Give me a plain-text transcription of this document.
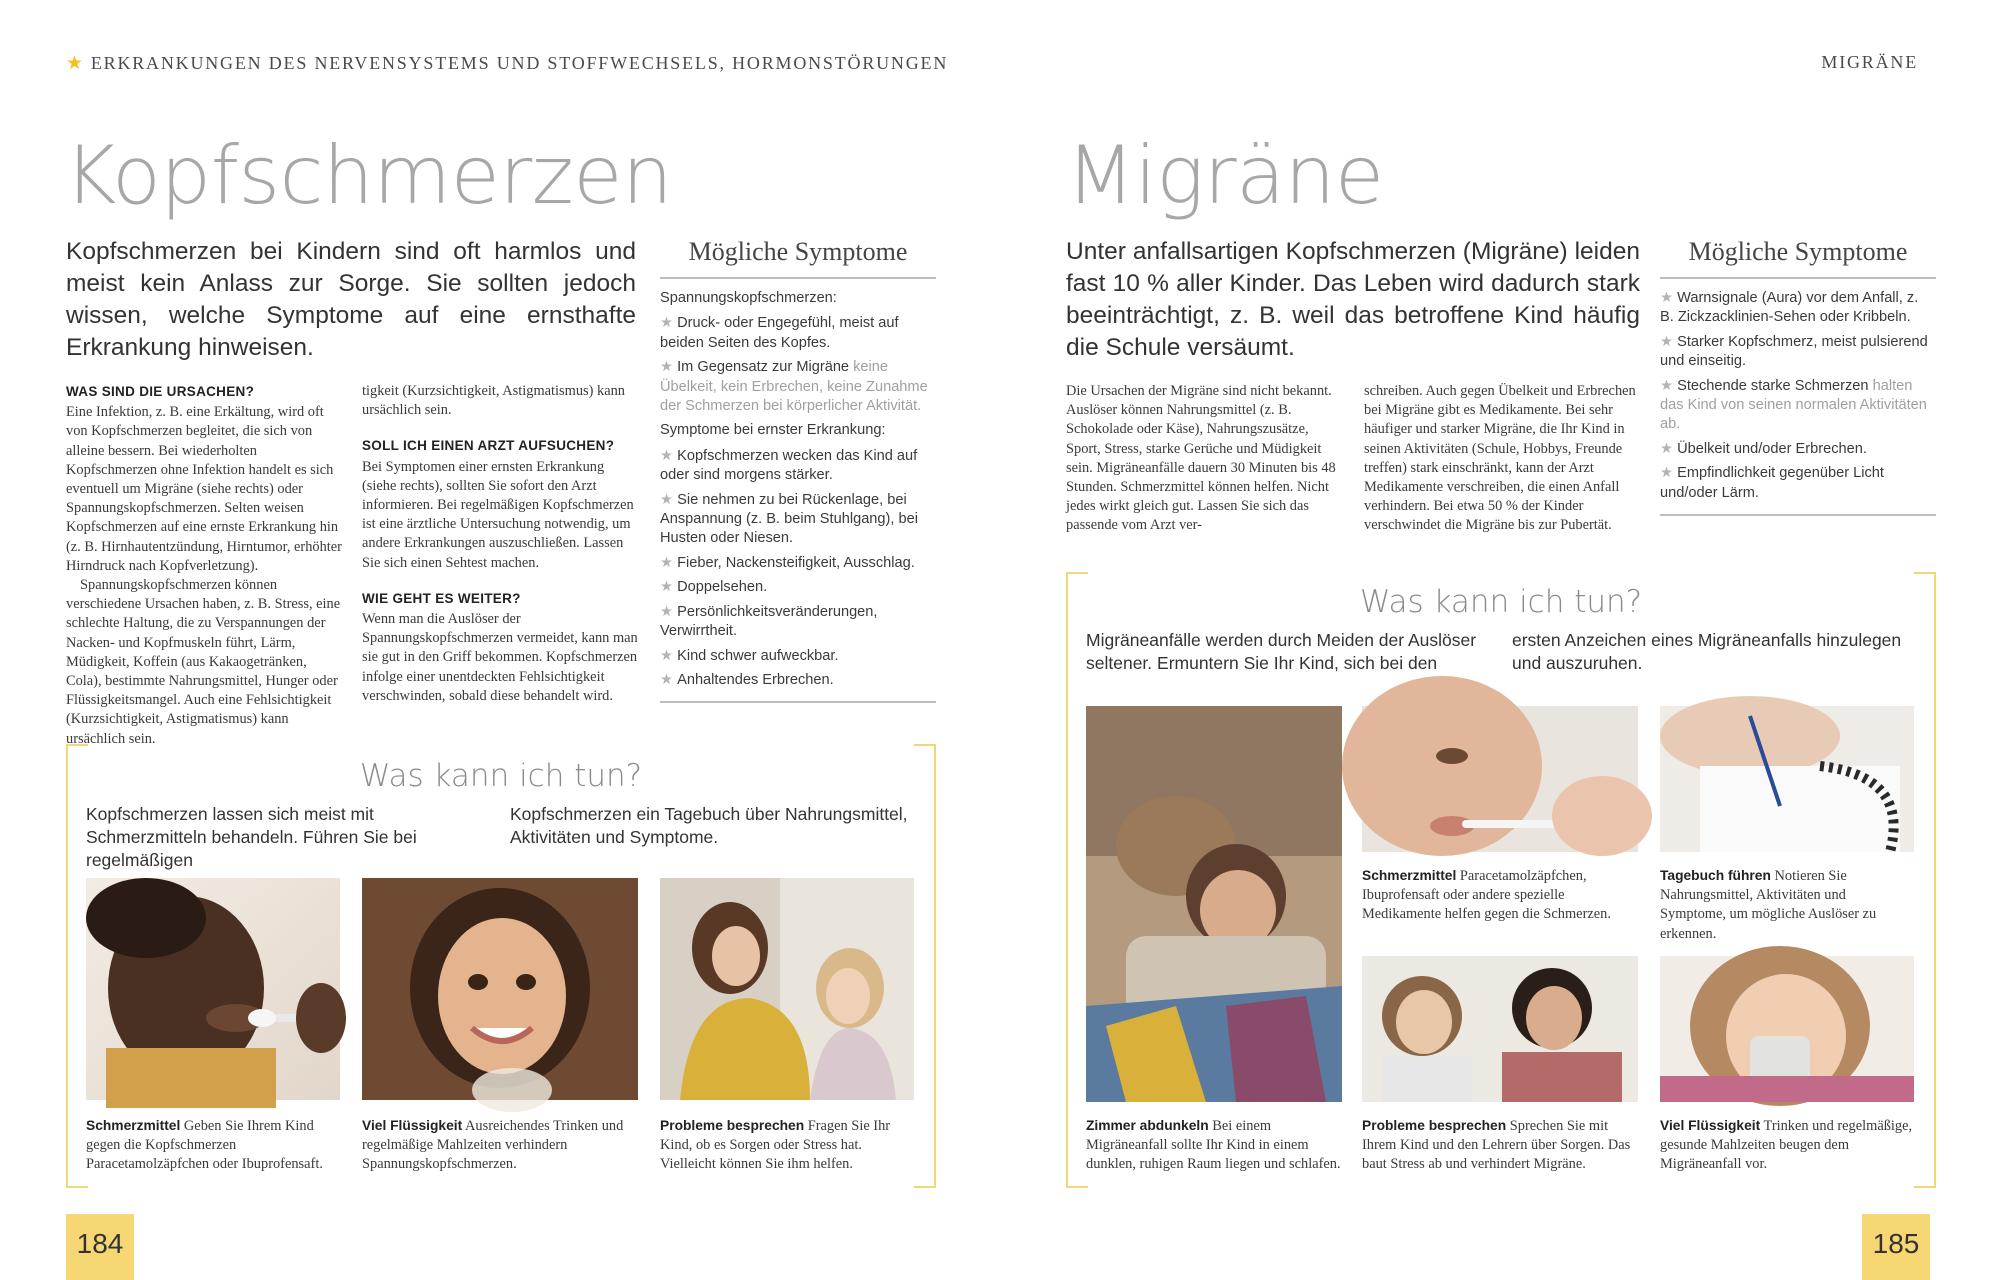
★ ERKRANKUNGEN DES NERVENSYSTEMS UND STOFFWECHSELS, HORMONSTÖRUNGEN
Kopfschmerzen
Kopfschmerzen bei Kindern sind oft harmlos und meist kein Anlass zur Sorge. Sie sollten jedoch wissen, welche Symptome auf eine ernsthafte Erkrankung hinweisen.
WAS SIND DIE URSACHEN?

Eine Infektion, z. B. eine Erkältung, wird oft von Kopfschmerzen begleitet, die sich von alleine bessern. Bei wiederholten Kopfschmerzen ohne Infektion handelt es sich eventuell um Migräne (siehe rechts) oder Spannungskopfschmerzen. Selten weisen Kopfschmerzen auf eine ernste Erkrankung hin (z. B. Hirnhautentzündung, Hirntumor, erhöhter Hirndruck nach Kopfverletzung).

Spannungskopfschmerzen können verschiedene Ursachen haben, z. B. Stress, eine schlechte Haltung, die zu Verspannungen der Nacken- und Kopfmuskeln führt, Lärm, Müdigkeit, Koffein (aus Kakaogetränken, Cola), bestimmte Nahrungsmittel, Hunger oder Flüssigkeitsmangel. Auch eine Fehlsichtigkeit (Kurzsichtigkeit, Astigmatismus) kann ursächlich sein.

tigkeit (Kurzsichtigkeit, Astigmatismus) kann ursächlich sein.

SOLL ICH EINEN ARZT AUFSUCHEN?

Bei Symptomen einer ernsten Erkrankung (siehe rechts), sollten Sie sofort den Arzt informieren. Bei regelmäßigen Kopfschmerzen ist eine ärztliche Untersuchung notwendig, um andere Erkrankungen auszuschließen. Lassen Sie sich einen Sehtest machen.

WIE GEHT ES WEITER?

Wenn man die Auslöser der Spannungskopfschmerzen vermeidet, kann man sie gut in den Griff bekommen. Kopfschmerzen infolge einer unentdeckten Fehlsichtigkeit verschwinden, sobald diese behandelt wird.

Mögliche Symptome
Spannungskopfschmerzen:
★ Druck- oder Engegefühl, meist auf beiden Seiten des Kopfes.
★ Im Gegensatz zur Migräne keine Übelkeit, kein Erbrechen, keine Zunahme der Schmerzen bei körperlicher Aktivität.
Symptome bei ernster Erkrankung:
★ Kopfschmerzen wecken das Kind auf oder sind morgens stärker.
★ Sie nehmen zu bei Rückenlage, bei Anspannung (z. B. beim Stuhlgang), bei Husten oder Niesen.
★ Fieber, Nackensteifigkeit, Ausschlag.
★ Doppelsehen.
★ Persönlichkeitsveränderungen, Verwirrtheit.
★ Kind schwer aufweckbar.
★ Anhaltendes Erbrechen.
Was kann ich tun?
Kopfschmerzen lassen sich meist mit Schmerzmitteln behandeln. Führen Sie bei regelmäßigen
Kopfschmerzen ein Tagebuch über Nahrungsmittel, Aktivitäten und Symptome.
Schmerzmittel Geben Sie Ihrem Kind gegen die Kopfschmerzen Paracetamolzäpfchen oder Ibuprofensaft.
Viel Flüssigkeit Ausreichendes Trinken und regelmäßige Mahlzeiten verhindern Spannungskopfschmerzen.
Probleme besprechen Fragen Sie Ihr Kind, ob es Sorgen oder Stress hat. Vielleicht können Sie ihm helfen.
184
MIGRÄNE
Migräne
Unter anfallsartigen Kopfschmerzen (Migräne) leiden fast 10 % aller Kinder. Das Leben wird dadurch stark beeinträchtigt, z. B. weil das betroffene Kind häufig die Schule versäumt.
Die Ursachen der Migräne sind nicht bekannt. Auslöser können Nahrungsmittel (z. B. Schokolade oder Käse), Nahrungszusätze, Sport, Stress, starke Gerüche und Müdigkeit sein. Migräneanfälle dauern 30 Minuten bis 48 Stunden. Schmerzmittel können helfen. Nicht jedes wirkt gleich gut. Lassen Sie sich das passende vom Arzt ver-
schreiben. Auch gegen Übelkeit und Erbrechen bei Migräne gibt es Medikamente. Bei sehr häufiger und starker Migräne, die Ihr Kind in seinen Aktivitäten (Schule, Hobbys, Freunde treffen) stark einschränkt, kann der Arzt Medikamente verschreiben, die einen Anfall verhindern. Bei etwa 50 % der Kinder verschwindet die Migräne bis zur Pubertät.
Mögliche Symptome
★ Warnsignale (Aura) vor dem Anfall, z. B. Zickzacklinien-Sehen oder Kribbeln.
★ Starker Kopfschmerz, meist pulsierend und einseitig.
★ Stechende starke Schmerzen halten das Kind von seinen normalen Aktivitäten ab.
★ Übelkeit und/oder Erbrechen.
★ Empfindlichkeit gegenüber Licht und/oder Lärm.
Was kann ich tun?
Migräneanfälle werden durch Meiden der Auslöser seltener. Ermuntern Sie Ihr Kind, sich bei den
ersten Anzeichen eines Migräneanfalls hinzulegen und auszuruhen.
Zimmer abdunkeln Bei einem Migräneanfall sollte Ihr Kind in einem dunklen, ruhigen Raum liegen und schlafen.
Schmerzmittel Paracetamolzäpfchen, Ibuprofensaft oder andere spezielle Medikamente helfen gegen die Schmerzen.
Tagebuch führen Notieren Sie Nahrungsmittel, Aktivitäten und Symptome, um mögliche Auslöser zu erkennen.
Probleme besprechen Sprechen Sie mit Ihrem Kind und den Lehrern über Sorgen. Das baut Stress ab und verhindert Migräne.
Viel Flüssigkeit Trinken und regelmäßige, gesunde Mahlzeiten beugen dem Migräneanfall vor.
185
